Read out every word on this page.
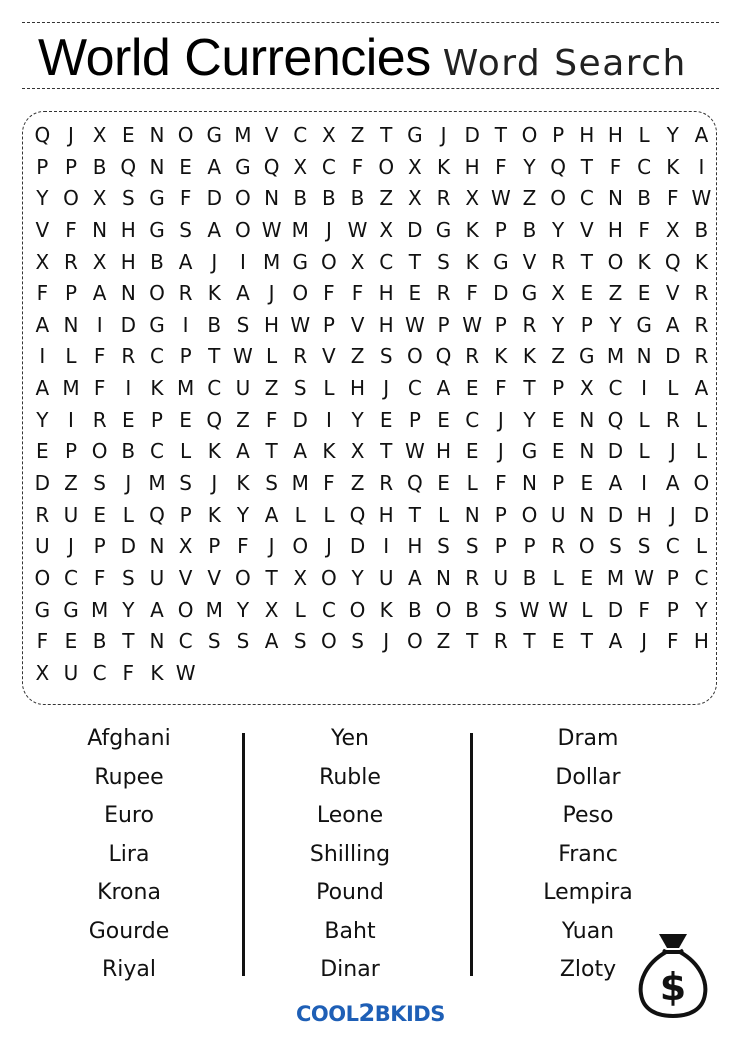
World Currencies Word Search
Q J X E N O G M V C X Z T G J D T O P H H L Y A
P P B Q N E A G Q X C F O X K H F Y Q T F C K I
Y O X S G F D O N B B B Z X R X W Z O C N B F W
V F N H G S A O W M J W X D G K P B Y V H F X B
X R X H B A J	I M G O X C T S K G V R T O K Q K
F P A N O R K A J O F F H E R F D G X E Z E V R
A N I D G I B S H W P V H W P W P R Y P Y G A R
I	L F R C P T W L R V Z S O Q R K K Z G M N D R
A M F I K M C U Z S L H J C A E F T P X C I	L A
Y I R E P E Q Z F D I Y E P E C J Y E N Q L R L
E P O B C L K A T A K X T W H E J G E N D L	J	L
D Z S J M S J K S M F Z R Q E L F N P E A I A O
R U E L Q P K Y A L L Q H T L N P O U N D H J D
U J P D N X P F J O J D I H S S P P R O S S C L
O C F S U V V O T X O Y U A N R U B L E M W P C
G G M Y A O M Y X L C O K B O B S W W L D F P Y
F E B T N C S S A S O S J O Z T R T E T A J F H
X U C F K W
Afghani
Rupee
Euro
Lira
Krona
Gourde
Riyal
Yen
Ruble
Leone
Shilling
Pound
Baht
Dinar
Dram
Dollar
Peso
Franc
Lempira
Yuan
Zloty	$
COOL2BKIDS
